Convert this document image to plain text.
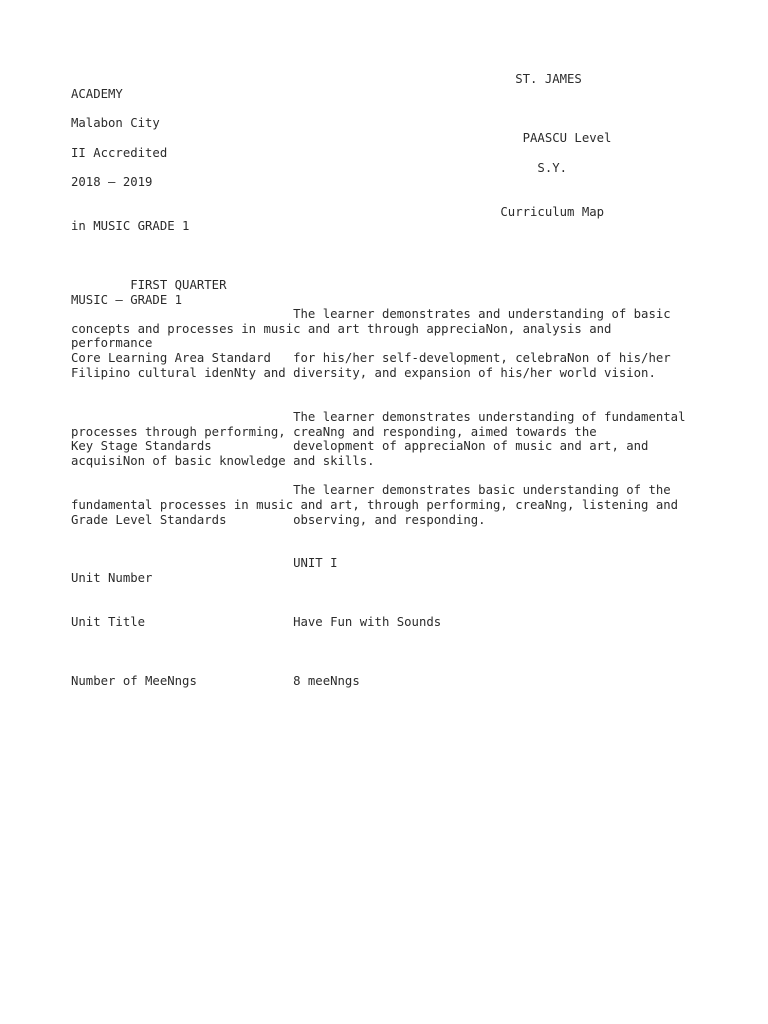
ST. JAMES

ACADEMY

Malabon City

PAASCU Level

II Accredited

S.Y.

2018 – 2019

Curriculum Map

in MUSIC GRADE 1

FIRST QUARTER

MUSIC – GRADE 1

The learner demonstrates and understanding of basic

concepts and processes in music and art through appreciaNon, analysis and

performance

Core Learning Area Standard   for his/her self-development, celebraNon of his/her

Filipino cultural idenNty and diversity, and expansion of his/her world vision.

The learner demonstrates understanding of fundamental

processes through performing, creaNng and responding, aimed towards the

Key Stage Standards           development of appreciaNon of music and art, and

acquisiNon of basic knowledge and skills.

The learner demonstrates basic understanding of the

fundamental processes in music and art, through performing, creaNng, listening and

Grade Level Standards         observing, and responding.

UNIT I

Unit Number

Unit Title                    Have Fun with Sounds

Number of MeeNngs             8 meeNngs
